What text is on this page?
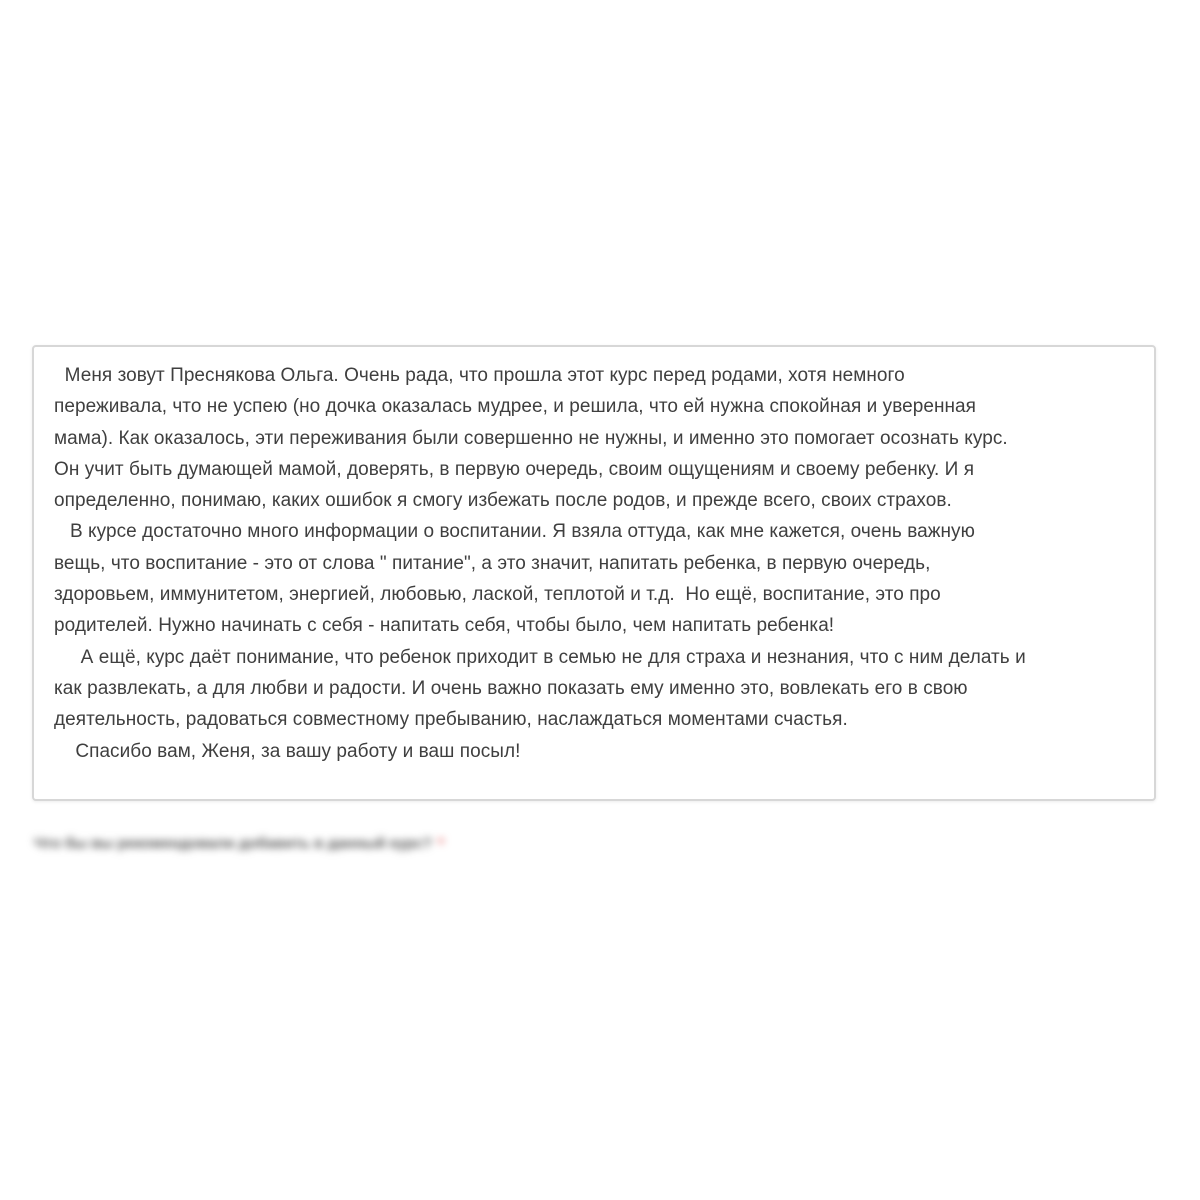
Меня зовут Преснякова Ольга. Очень рада, что прошла этот курс перед родами, хотя немного
переживала, что не успею (но дочка оказалась мудрее, и решила, что ей нужна спокойная и уверенная
мама). Как оказалось, эти переживания были совершенно не нужны, и именно это помогает осознать курс.
Он учит быть думающей мамой, доверять, в первую очередь, своим ощущениям и своему ребенку. И я
определенно, понимаю, каких ошибок я смогу избежать после родов, и прежде всего, своих страхов.
В курсе достаточно много информации о воспитании. Я взяла оттуда, как мне кажется, очень важную
вещь, что воспитание - это от слова " питание", а это значит, напитать ребенка, в первую очередь,
здоровьем, иммунитетом, энергией, любовью, лаской, теплотой и т.д.  Но ещё, воспитание, это про
родителей. Нужно начинать с себя - напитать себя, чтобы было, чем напитать ребенка!
А ещё, курс даёт понимание, что ребенок приходит в семью не для страха и незнания, что с ним делать и
как развлекать, а для любви и радости. И очень важно показать ему именно это, вовлекать его в свою
деятельность, радоваться совместному пребыванию, наслаждаться моментами счастья.
Спасибо вам, Женя, за вашу работу и ваш посыл!

Что бы вы рекомендовали добавить в данный курс? *
